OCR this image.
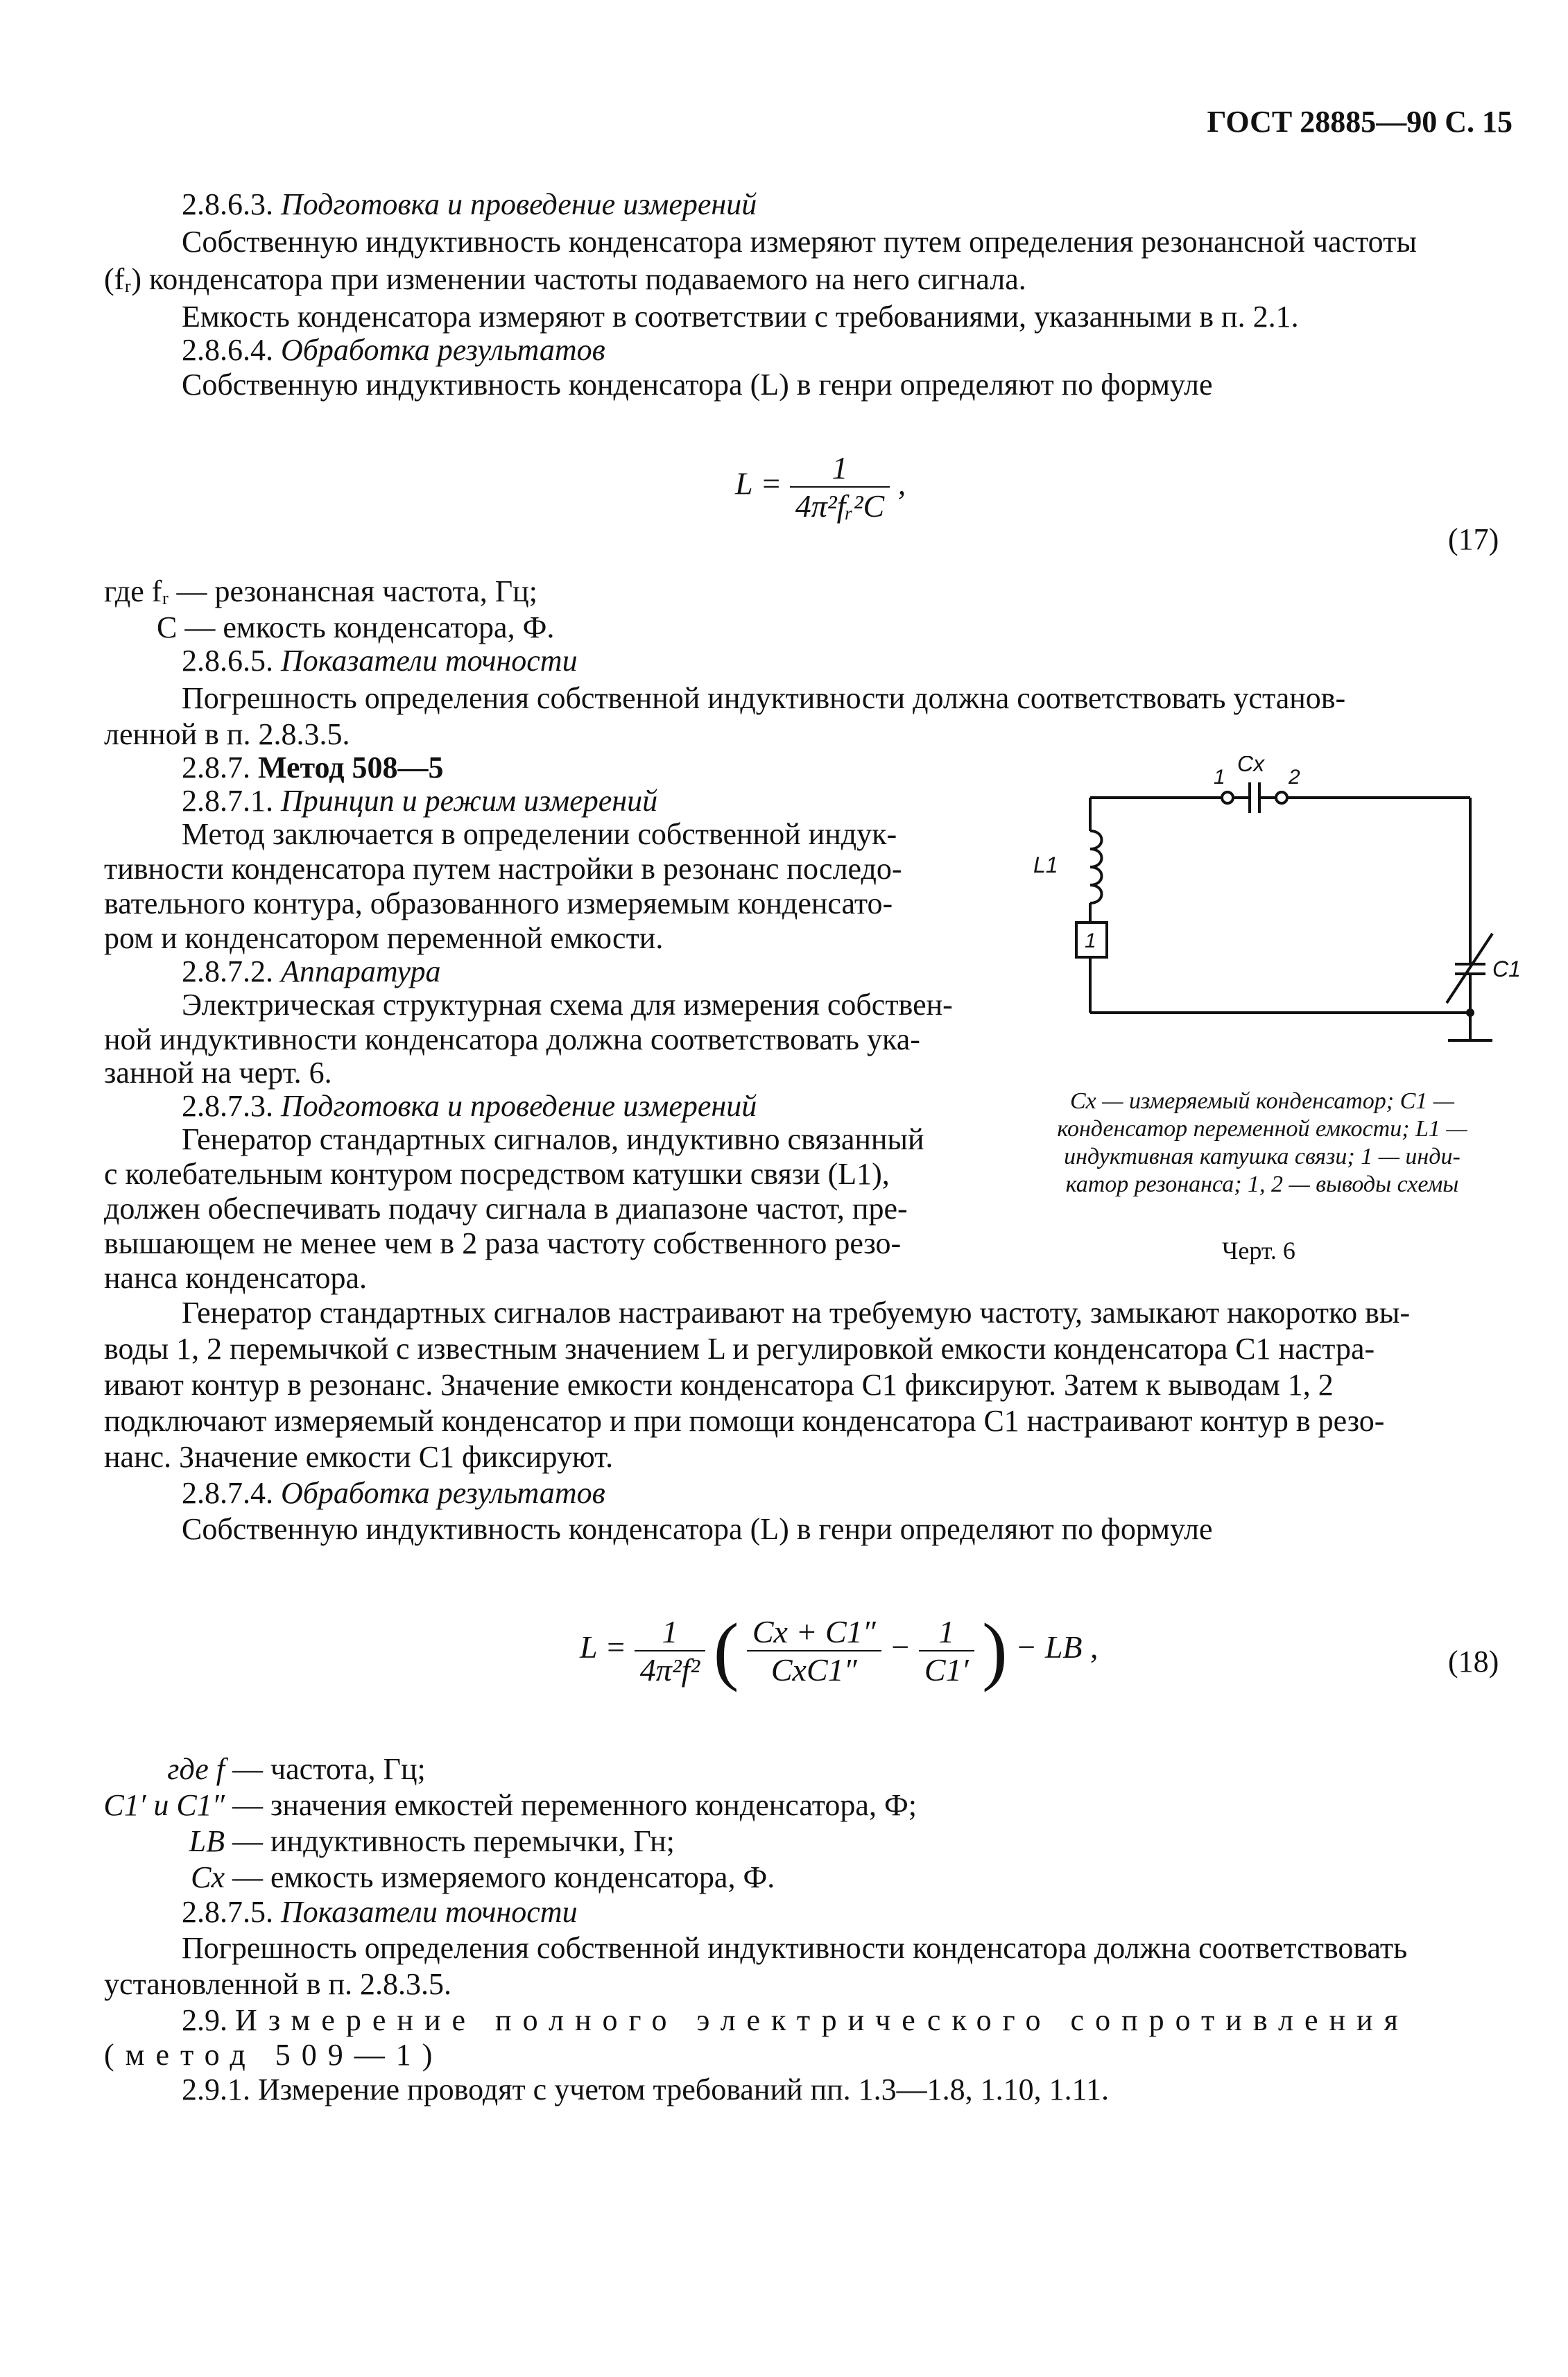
ГОСТ 28885—90 С. 15
2.8.6.3. Подготовка и проведение измерений
Собственную индуктивность конденсатора измеряют путем определения резонансной частоты
(fᵣ) конденсатора при изменении частоты подаваемого на него сигнала.
Емкость конденсатора измеряют в соответствии с требованиями, указанными в п. 2.1.
2.8.6.4. Обработка результатов
Собственную индуктивность конденсатора (L) в генри определяют по формуле
$L = \frac{1}{\text{4π²fᵣ²C}}$ ,
(17)
где fᵣ — резонансная частота, Гц;
C — емкость конденсатора, Ф.
2.8.6.5. Показатели точности
Погрешность определения собственной индуктивности должна соответствовать установ-
ленной в п. 2.8.3.5.
2.8.7. Метод 508—5
2.8.7.1. Принцип и режим измерений
Метод заключается в определении собственной индук-
тивности конденсатора путем настройки в резонанс последо-
вательного контура, образованного измеряемым конденсато-
ром и конденсатором переменной емкости.
2.8.7.2. Аппаратура
Электрическая структурная схема для измерения собствен-
ной индуктивности конденсатора должна соответствовать ука-
занной на черт. 6.
2.8.7.3. Подготовка и проведение измерений
Генератор стандартных сигналов, индуктивно связанный
с колебательным контуром посредством катушки связи (L1),
должен обеспечивать подачу сигнала в диапазоне частот, пре-
вышающем не менее чем в 2 раза частоту собственного резо-
нанса конденсатора.
Cx
1	2
L1
C1
1
Cx — измеряемый конденсатор; C1 —
конденсатор переменной емкости; L1 —
индуктивная катушка связи; 1 — инди-
катор резонанса; 1, 2 — выводы схемы
Черт. 6
Генератор стандартных сигналов настраивают на требуемую частоту, замыкают накоротко вы-
воды 1, 2 перемычкой с известным значением L и регулировкой емкости конденсатора C1 настра-
ивают контур в резонанс. Значение емкости конденсатора C1 фиксируют. Затем к выводам 1, 2
подключают измеряемый конденсатор и при помощи конденсатора C1 настраивают контур в резо-
нанс. Значение емкости C1 фиксируют.
2.8.7.4. Обработка результатов
Собственную индуктивность конденсатора (L) в генри определяют по формуле
$L = \frac{1}{\text{4π²f²}}$ ( $\frac{Cx + C1''}{\text{CxC1″}} - \frac{1}{C1'}$ ) − LB ,	(18)
где f — частота, Гц;
C1′ и C1″ — значения емкостей переменного конденсатора, Ф;
LB — индуктивность перемычки, Гн;
Cx — емкость измеряемого конденсатора, Ф.
2.8.7.5. Показатели точности
Погрешность определения собственной индуктивности конденсатора должна соответствовать
установленной в п. 2.8.3.5.
2.9. Измерение полного электрического сопротивления
(метод 509—1)
2.9.1. Измерение проводят с учетом требований пп. 1.3—1.8, 1.10, 1.11.
